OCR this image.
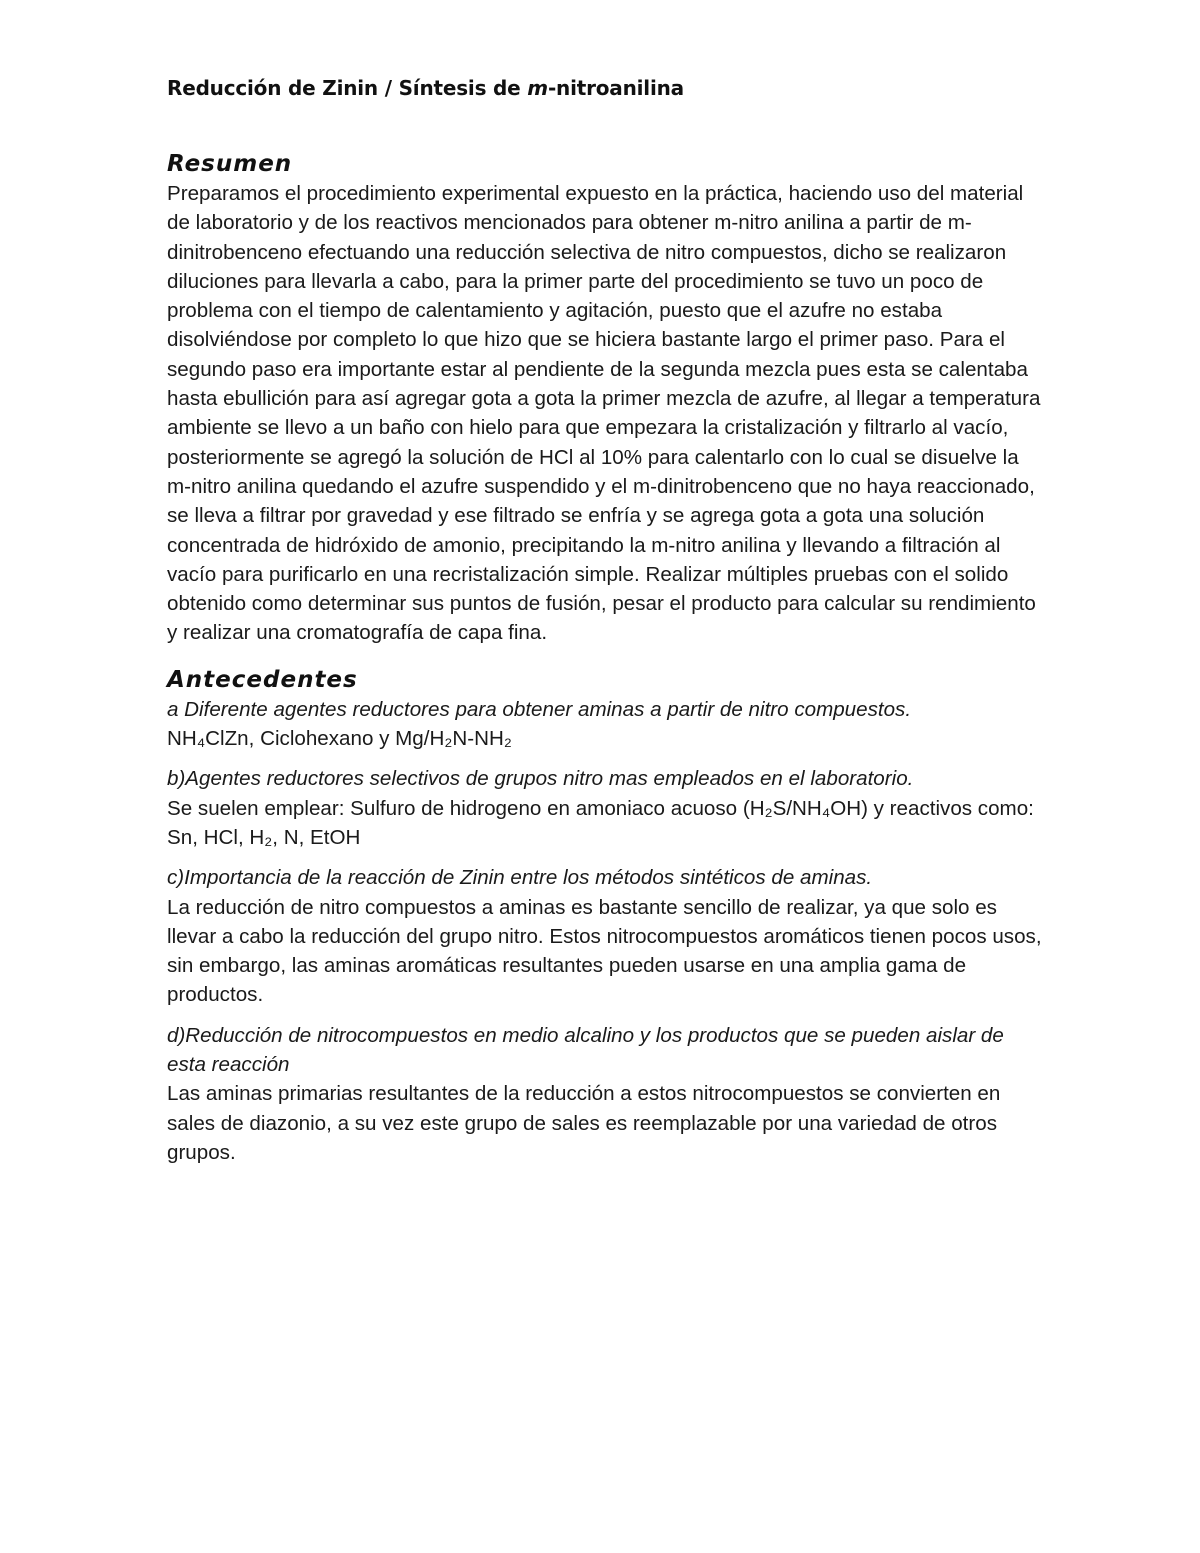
Reducción de Zinin / Síntesis de m-nitroanilina
Resumen

Preparamos el procedimiento experimental expuesto en la práctica, haciendo uso del material de laboratorio y de los reactivos mencionados para obtener m-nitro anilina a partir de m-dinitrobenceno efectuando una reducción selectiva de nitro compuestos, dicho se realizaron diluciones para llevarla a cabo, para la primer parte del procedimiento se tuvo un poco de problema con el tiempo de calentamiento y agitación, puesto que el azufre no estaba disolviéndose por completo lo que hizo que se hiciera bastante largo el primer paso. Para el segundo paso era importante estar al pendiente de la segunda mezcla pues esta se calentaba hasta ebullición para así agregar gota a gota la primer mezcla de azufre, al llegar a temperatura ambiente se llevo a un baño con hielo para que empezara la cristalización y filtrarlo al vacío, posteriormente se agregó la solución de HCl al 10% para calentarlo con lo cual se disuelve la m-nitro anilina quedando el azufre suspendido y el m-dinitrobenceno que no haya reaccionado, se lleva a filtrar por gravedad y ese filtrado se enfría y se agrega gota a gota una solución concentrada de hidróxido de amonio, precipitando la m-nitro anilina y llevando a filtración al vacío para purificarlo en una recristalización simple. Realizar múltiples pruebas con el solido obtenido como determinar sus puntos de fusión, pesar el producto para calcular su rendimiento y realizar una cromatografía de capa fina.

Antecedentes
a Diferente agentes reductores para obtener aminas a partir de nitro compuestos.
NH₄ClZn, Ciclohexano y Mg/H₂N-NH₂
b)Agentes reductores selectivos de grupos nitro mas empleados en el laboratorio.
Se suelen emplear: Sulfuro de hidrogeno en amoniaco acuoso (H₂S/NH₄OH) y reactivos como: Sn, HCl, H₂, N, EtOH
c)Importancia de la reacción de Zinin entre los métodos sintéticos de aminas.
La reducción de nitro compuestos a aminas es bastante sencillo de realizar, ya que solo es llevar a cabo la reducción del grupo nitro. Estos nitrocompuestos aromáticos tienen pocos usos, sin embargo, las aminas aromáticas resultantes pueden usarse en una amplia gama de productos.
d)Reducción de nitrocompuestos en medio alcalino y los productos que se pueden aislar de esta reacción
Las aminas primarias resultantes de la reducción a estos nitrocompuestos se convierten en sales de diazonio, a su vez este grupo de sales es reemplazable por una variedad de otros grupos.
